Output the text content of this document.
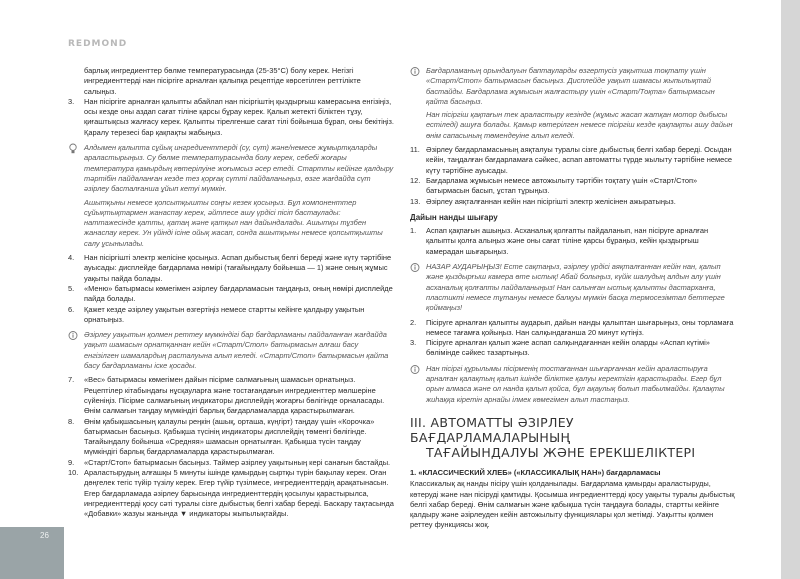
REDMOND

барлық ингредиенттер бөлме температурасында (25-35°С) болу керек. Негізгі ингредиенттерді нан пісіргіге арналған қалыпқа рецептіде көрсетілген реттілікте салыңыз.

3. Нан пісіргіге арналған қалыпты абайлап нан пісіргіштің қыздырғыш камерасына енгізіңіз, осы кезде оны аздап сағат тіліне қарсы бұрау керек. Қалып жетекті біліктен тұзу, қиғаштықсыз жалғасу керек. Қалыпты тірелгенше сағат тілі бойынша бұрап, оны бекітіңіз. Қаралу терезесі бар қақпақты жабыңыз.

Алдымен қалыпта сұйық ингредиенттерді (су, сүт) және/немесе жұмыртқаларды араластырыңыз. Су бөлме температурасында болу керек, себебі жоғары температура қамырдың көтерілуіне жоғымсыз әсер етеді. Стартты кейінге қалдыру тәртібін пайдаланған кезде тез қорғақ сүтті пайдаланыңыз, өзге жағдайда сүт әзірлеу басталғанша ұйып кетуі мүмкін.

Ашытқыны немесе қопсытқышты соңғы кезек қосыңыз. Бұл компоненттер сұйықтықтармен жанаспау керек, әйтпесе ашу үрдісі пісіп бастаулады: наттажесінде қатты, қатаң және қатқыл нан дайындалады. Ашытқы тұзбен жанаспау керек. Ун үйінді ісіне ойық жасап, сонда ашытқыны немесе қопсытқышты салу ұсынылады.

4. Нан пісіргішті электр желісіне қосыңыз. Аспап дыбыстық белгі береді және күту тәртібіне ауысады: дисплейде бағдарлама нөмірі (тағайындалу бойынша — 1) және оның жұмыс уақыты пайда болады.
5. «Меню» батырмасы көмегімен әзірлеу бағдарламасын таңдаңыз, оның нөмірі дисплейде пайда болады.
6. Қажет кезде әзірлеу уақытын өзгертіңіз немесе стартты кейінге қалдыру уақытын орнатыңыз.

Әзірлеу уақытын қолмен реттеу мүмкіндігі бар бағдарламаны пайдаланған жағдайда уақыт шамасын орнатқаннан кейін «Старт/Стоп» батырмасын алғаш басу енгізілген шамалардың расталуына алып келеді. «Старт/Стоп» батырмасын қайта басу бағдарламаны іске қосады.

7. «Вес» батырмасы көмегімен дайын пісірме салмағының шамасын орнатыңыз. Рецептілер кітабындағы нұсқауларға және тостағандағын ингредиенттер мөлшеріне сүйеніңіз. Пісірме салмағының индикаторы дисплейдің жоғарғы бөлігінде орналасады. Өнім салмағын таңдау мүмкіндігі барлық бағдарламаларда қарастырылмаған.
8. Өнім қабықшасының қалаулы реңкін (ашық, орташа, күңгірт) таңдау үшін «Корочка» батырмасын басыңыз. Қабықша түсінің индикаторы дисплейдің төменгі бөлігінде. Тағайындалу бойынша «Средняя» шамасын орнатылған. Қабықша түсін таңдау мүмкіндігі барлық бағдарламаларда қарастырылмаған.
9. «Старт/Стоп» батырмасын басыңыз. Таймер әзірлеу уақытының кері санағын бастайды.
10. Араластырудың алғашқы 5 минуты ішінде қамырдың сыртқы түрін бақылау керек. Оған дөңгелек тегіс түйір түзілу керек. Егер түйір түзілмесе, ингредиенттердің арақатынасын. Егер бағдарламада әзірлеу барысында ингредиенттердің қосылуы қарастырылса, ингредиенттерді қосу сәті туралы сізге дыбыстық белгі хабар береді. Баскару тақтасында «Добавки» жазуы жанында ▼ индикаторы жыпылықтайды.

Бағдарламаның орындалуын баптауларды өзгертусіз уақытша тоқтату үшін «Старт/Стоп» батырмасын басыңыз. Дисплейде уақыт шамасы жыпылықтай бастайды. Бағдарлама жұмысын жалғастыру үшін «Старт/Тоқта» батырмасын қайта басыңыз.

Нан пісіргіш қақпағын тек араластыру кезінде (жұмыс жасап жатқан мотор дыбысы естіледі) ашуға болады. Қамыр көтерілген немесе пісіргіш кезде қақпақты ашу дайын өнім сапасының төмендеуіне алып келеді.

11. Әзірлеу бағдарламасының аяқталуы туралы сізге дыбыстық белгі хабар береді. Осыдан кейін, таңдалған бағдарламаға сәйкес, аспап автоматты түрде жылыту тәртібіне немесе күту тәртібіне ауысады.
12. Бағдарлама жұмысын немесе автожылыту тәртібін тоқтату үшін «Старт/Стоп» батырмасын басып, ұстап тұрыңыз.
13. Әзірлеу аяқталғаннан кейін нан пісіргішті электр желісінен ажыратыңыз.
Дайын нанды шығару
1. Аспап қақпағын ашыңыз. Асханалық қолғапты пайдаланып, нан пісіруге арналған қалыпты қолға алыңыз және оны сағат тіліне қарсы бұраңыз, кейін қыздырғыш камерадан шығарыңыз.

НАЗАР АУДАРЫҢЫЗ! Есте сақтаңыз, әзірлеу үрдісі аяқталғаннан кейін нан, қалып және қыздырғыш камера өте ыстық! Абай болыңыз, күйік шалудың алдын алу үшін асханалық қолғапты пайдаланыңыз! Нан салынған ыстық қалыпты дастарханға, пластикті немесе тұтануы немесе балқуы мүмкін басқа термосезімтал беттерге қоймаңыз!

2. Пісіруге арналған қалыпты аударып, дайын нанды қалыптан шығарыңыз, оны торламаға немесе тағамға қойыңыз. Нан салқындағанша 20 минут күтіңіз.
3. Пісіруге арналған қалып және аспап салқындағаннан кейін оларды «Аспап күтімі» бөлімінде сәйкес тазартыңыз.

Нан пісіргі құрылымы пісірменің тостағаннан шығарғаннан кейін араластыруға арналған қалақтың қалып ішінде біліктке қалуы керектігін қарастырады. Егер бұл орын алмаса және ол нанда қалып қойса, бұл ақаулық болып табылмайды. Қалақты жиһаққа кіретін арнайы ілмек көмегімен алып тастаңыз.

III. АВТОМАТТЫ ӘЗІРЛЕУ БАҒДАРЛАМАЛАРЫНЫҢ
ТАҒАЙЫНДАЛУЫ ЖӘНЕ ЕРЕКШЕЛІКТЕРІ
1. «КЛАССИЧЕСКИЙ ХЛЕБ» («КЛАССИКАЛЫҚ НАН») бағдарламасы

Классикалық ақ нанды пісіру үшін қолданылады. Бағдарлама қамырды араластыруды, көтеруді және нан пісіруді қамтиды. Қосымша ингредиенттерді қосу уақыты туралы дыбыстық белгі хабар береді. Өнім салмағын және қабықша түсін таңдауға болады, стартты кейінге қалдыру және әзірлеуден кейін автожылыту функциялары қол жетімді. Уақытты қолмен реттеу функциясы жоқ.

26
